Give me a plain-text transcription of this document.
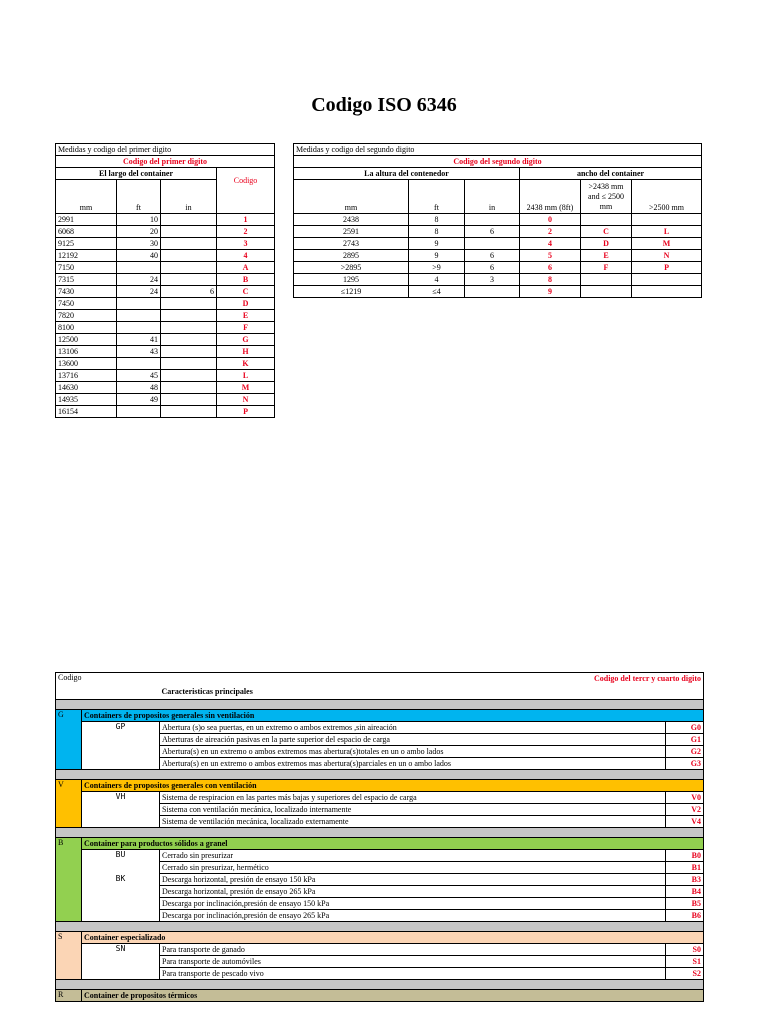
Codigo ISO 6346
Medidas y codigo del primer digito			
Codigo del primer digito			
El largo del container			Codigo
mm	ft	in	
2991	10		1
6068	20		2
9125	30		3
12192	40		4
7150			A
7315	24		B
7430	24	6	C
7450			D
7820			E
8100			F
12500	41		G
13106	43		H
13600			K
13716	45		L
14630	48		M
14935	49		N
16154			P
Medidas y codigo del segundo digito					
Codigo del segundo digito					
La altura del contenedor			ancho del container		
mm	ft	in	2438 mm (8ft)	>2438 mm and ≤ 2500 mm	>2500 mm
2438	8		0		
2591	8	6	2	C	L
2743	9		4	D	M
2895	9	6	5	E	N
>2895	>9	6	6	F	P
1295	4	3	8		
≤1219	≤4		9		
Codigo		Caracteristicas principales
Codigo del tercr y cuarto digito	

G	Containers de propositos generales sin ventilación		
	GP	Abertura (s)o sea puertas, en un extremo o ambos extremos ,sin aireación	G0
		Aberturas de aireación pasivas en la parte superior del espacio de carga	G1
		Abertura(s) en un extremo o ambos extremos mas abertura(s)totales en un o ambo lados	G2
		Abertura(s) en un extremo o ambos extremos mas abertura(s)parciales en un o ambo lados	G3

V	Containers de propositos generales con ventilación		
	VH	Sistema de respiracion en las partes más bajas y superiores del espacio de carga	V0
		Sistema con ventilación mecánica, localizado internamente	V2
		Sistema de ventilación mecánica, localizado externamente	V4

B	Container para productos sólidos a granel		
	BU	Cerrado sin presurizar	B0
		Cerrado sin presurizar, hermético	B1
	BK	Descarga horizontal, presión de ensayo 150 kPa	B3
		Descarga horizontal, presión de ensayo 265 kPa	B4
		Descarga por inclinación,presión de ensayo 150 kPa	B5
		Descarga por inclinación,presión de ensayo 265 kPa	B6

S	Container especializado		
	SN	Para transporte de ganado	S0
		Para transporte de automóviles	S1
		Para transporte de pescado vivo	S2

R	Container de propositos térmicos		
